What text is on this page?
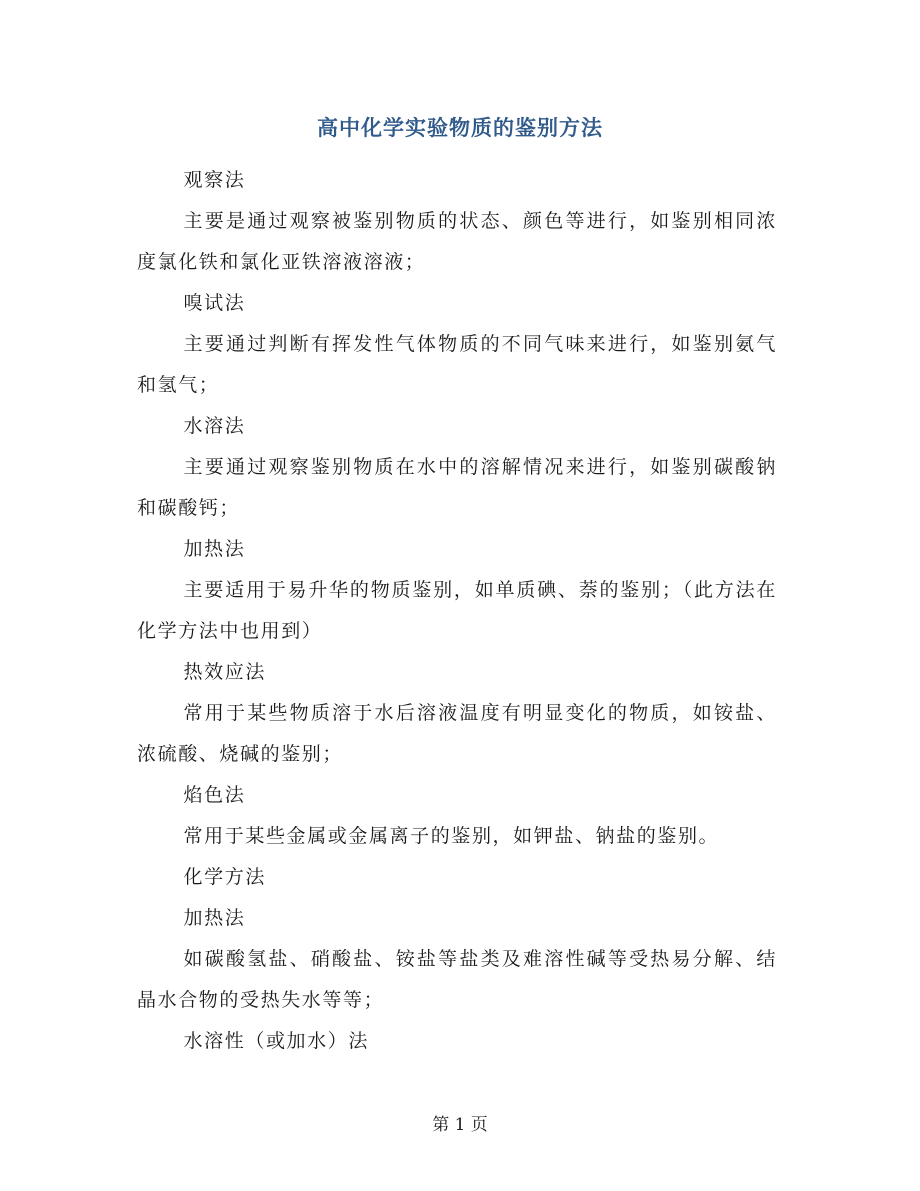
高中化学实验物质的鉴别方法

观察法

主要是通过观察被鉴别物质的状态、颜色等进行，如鉴别相同浓度氯化铁和氯化亚铁溶液溶液；

嗅试法

主要通过判断有挥发性气体物质的不同气味来进行，如鉴别氨气和氢气；

水溶法

主要通过观察鉴别物质在水中的溶解情况来进行，如鉴别碳酸钠和碳酸钙；

加热法

主要适用于易升华的物质鉴别，如单质碘、萘的鉴别；（此方法在化学方法中也用到）

热效应法

常用于某些物质溶于水后溶液温度有明显变化的物质，如铵盐、浓硫酸、烧碱的鉴别；

焰色法

常用于某些金属或金属离子的鉴别，如钾盐、钠盐的鉴别。

化学方法

加热法

如碳酸氢盐、硝酸盐、铵盐等盐类及难溶性碱等受热易分解、结晶水合物的受热失水等等；

水溶性（或加水）法

第 1 页
